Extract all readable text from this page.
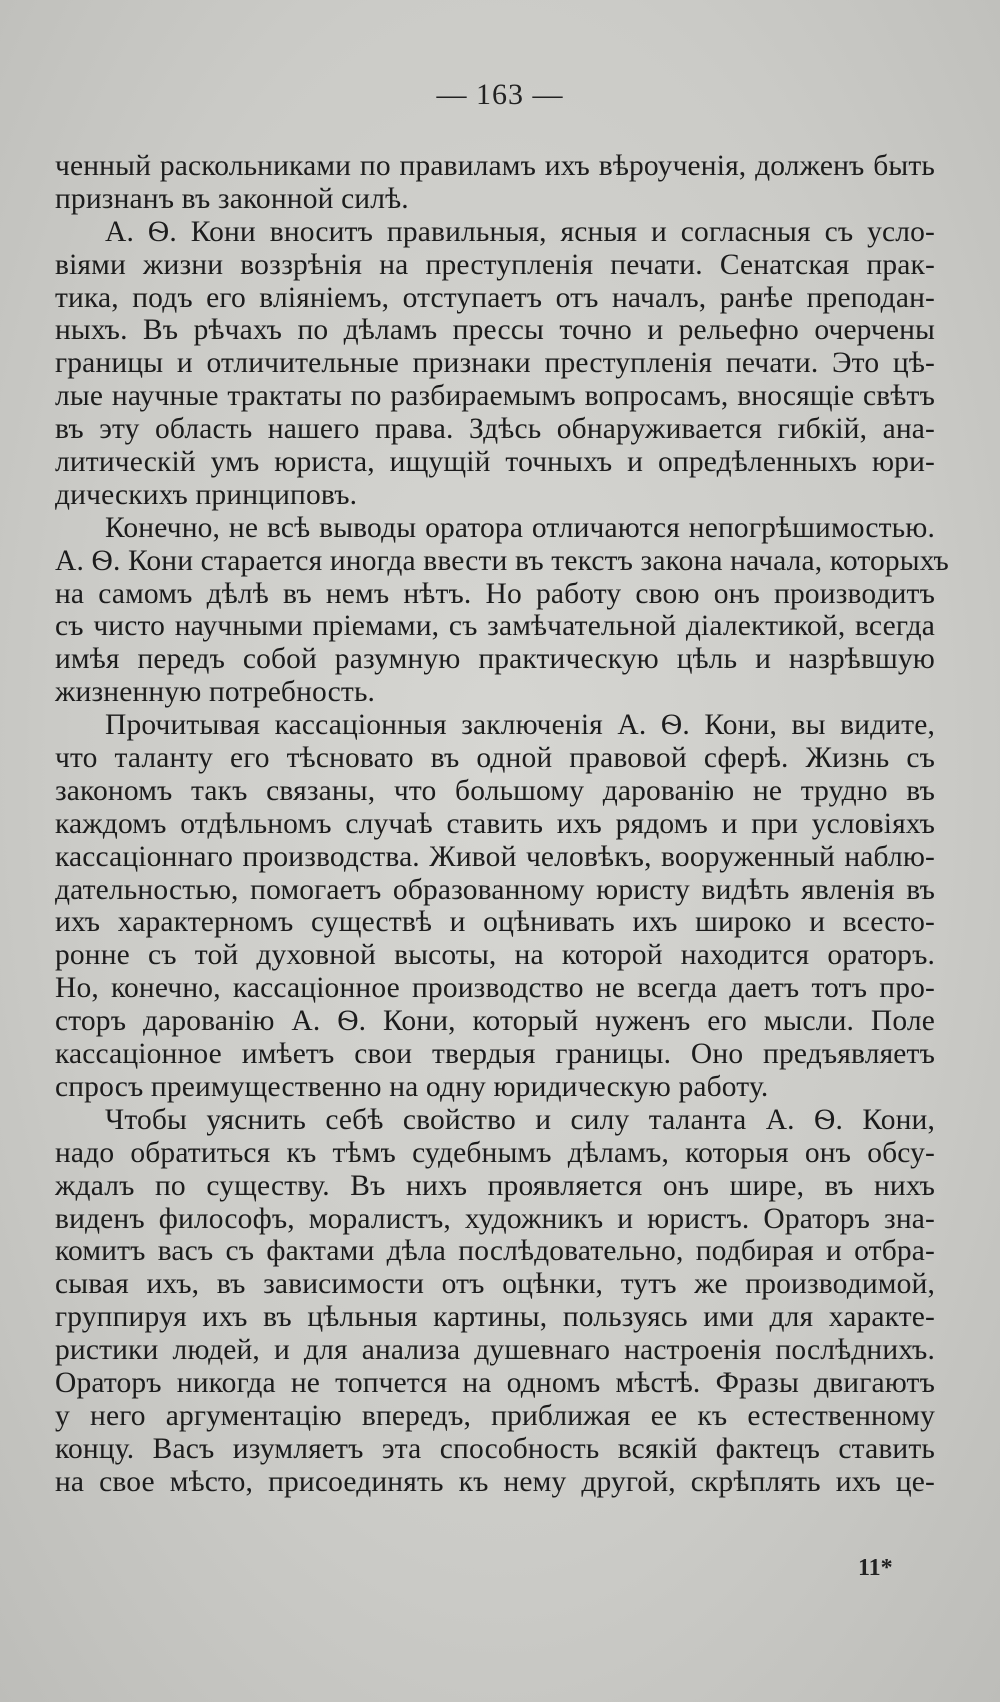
— 163 —
ченный раскольниками по правиламъ ихъ вѣроученія, долженъ быть
признанъ въ законной силѣ.
А. Ѳ. Кони вноситъ правильныя, ясныя и согласныя съ усло-
віями жизни воззрѣнія на преступленія печати. Сенатская прак-
тика, подъ его вліяніемъ, отступаетъ отъ началъ, ранѣе преподан-
ныхъ. Въ рѣчахъ по дѣламъ прессы точно и рельефно очерчены
границы и отличительные признаки преступленія печати. Это цѣ-
лые научные трактаты по разбираемымъ вопросамъ, вносящіе свѣтъ
въ эту область нашего права. Здѣсь обнаруживается гибкій, ана-
литическій умъ юриста, ищущій точныхъ и опредѣленныхъ юри-
дическихъ принциповъ.
Конечно, не всѣ выводы оратора отличаются непогрѣшимостью.
А. Ѳ. Кони старается иногда ввести въ текстъ закона начала, которыхъ
на самомъ дѣлѣ въ немъ нѣтъ. Но работу свою онъ производитъ
съ чисто научными пріемами, съ замѣчательной діалектикой, всегда
имѣя передъ собой разумную практическую цѣль и назрѣвшую
жизненную потребность.
Прочитывая кассаціонныя заключенія А. Ѳ. Кони, вы видите,
что таланту его тѣсновато въ одной правовой сферѣ. Жизнь съ
закономъ такъ связаны, что большому дарованію не трудно въ
каждомъ отдѣльномъ случаѣ ставить ихъ рядомъ и при условіяхъ
кассаціоннаго производства. Живой человѣкъ, вооруженный наблю-
дательностью, помогаетъ образованному юристу видѣть явленія въ
ихъ характерномъ существѣ и оцѣнивать ихъ широко и всесто-
ронне съ той духовной высоты, на которой находится ораторъ.
Но, конечно, кассаціонное производство не всегда даетъ тотъ про-
сторъ дарованію А. Ѳ. Кони, который нуженъ его мысли. Поле
кассаціонное имѣетъ свои твердыя границы. Оно предъявляетъ
спросъ преимущественно на одну юридическую работу.
Чтобы уяснить себѣ свойство и силу таланта А. Ѳ. Кони,
надо обратиться къ тѣмъ судебнымъ дѣламъ, которыя онъ обсу-
ждалъ по существу. Въ нихъ проявляется онъ шире, въ нихъ
виденъ философъ, моралистъ, художникъ и юристъ. Ораторъ зна-
комитъ васъ съ фактами дѣла послѣдовательно, подбирая и отбра-
сывая ихъ, въ зависимости отъ оцѣнки, тутъ же производимой,
группируя ихъ въ цѣльныя картины, пользуясь ими для характе-
ристики людей, и для анализа душевнаго настроенія послѣднихъ.
Ораторъ никогда не топчется на одномъ мѣстѣ. Фразы двигаютъ
у него аргументацію впередъ, приближая ее къ естественному
концу. Васъ изумляетъ эта способность всякій фактецъ ставить
на свое мѣсто, присоединять къ нему другой, скрѣплять ихъ це-
11*
